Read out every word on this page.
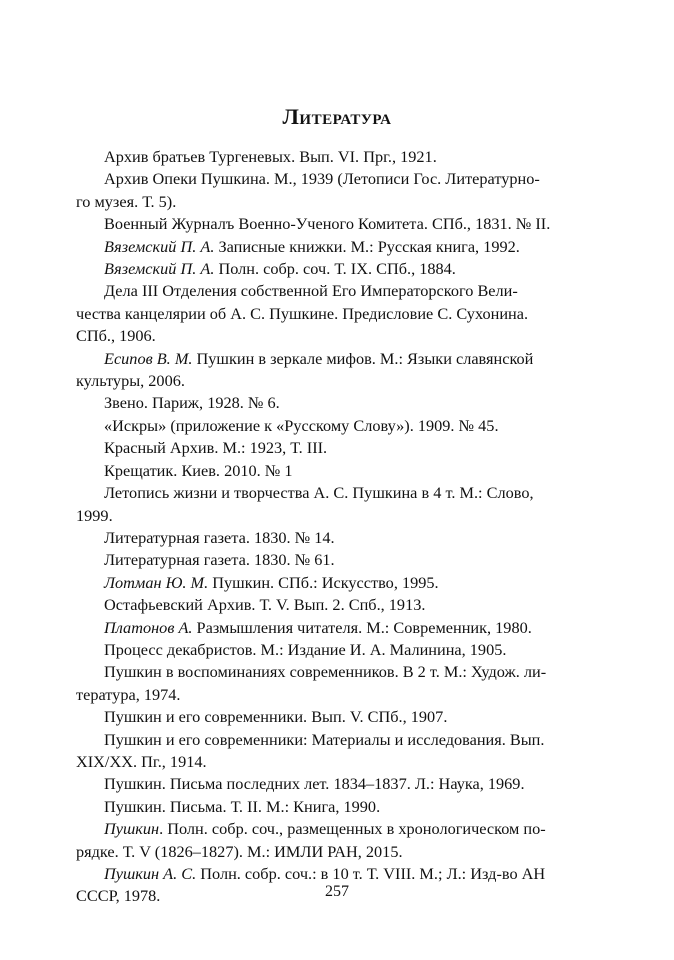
Литература
Архив братьев Тургеневых. Вып. VI. Прг., 1921.
Архив Опеки Пушкина. М., 1939 (Летописи Гос. Литературно-
го музея. Т. 5).
Военный Журналъ Военно-Ученого Комитета. СПб., 1831. № II.
Вяземский П. А. Записные книжки. М.: Русская книга, 1992.
Вяземский П. А. Полн. собр. соч. Т. IX. СПб., 1884.
Дела III Отделения собственной Его Императорского Вели-
чества канцелярии об А. С. Пушкине. Предисловие С. Сухонина.
СПб., 1906.
Есипов В. М. Пушкин в зеркале мифов. М.: Языки славянской
культуры, 2006.
Звено. Париж, 1928. № 6.
«Искры» (приложение к «Русскому Слову»). 1909. № 45.
Красный Архив. М.: 1923, Т. III.
Крещатик. Киев. 2010. № 1
Летопись жизни и творчества А. С. Пушкина в 4 т. М.: Слово,
1999.
Литературная газета. 1830. № 14.
Литературная газета. 1830. № 61.
Лотман Ю. М. Пушкин. СПб.: Искусство, 1995.
Остафьевский Архив. Т. V. Вып. 2. Спб., 1913.
Платонов А. Размышления читателя. М.: Современник, 1980.
Процесс декабристов. М.: Издание И. А. Малинина, 1905.
Пушкин в воспоминаниях современников. В 2 т. М.: Худож. ли-
тература, 1974.
Пушкин и его современники. Вып. V. СПб., 1907.
Пушкин и его современники: Материалы и исследования. Вып.
XIX/XX. Пг., 1914.
Пушкин. Письма последних лет. 1834–1837. Л.: Наука, 1969.
Пушкин. Письма. Т. II. М.: Книга, 1990.
Пушкин. Полн. собр. соч., размещенных в хронологическом по-
рядке. Т. V (1826–1827). М.: ИМЛИ РАН, 2015.
Пушкин А. С. Полн. собр. соч.: в 10 т. Т. VIII. М.; Л.: Изд-во АН
СССР, 1978.	257
